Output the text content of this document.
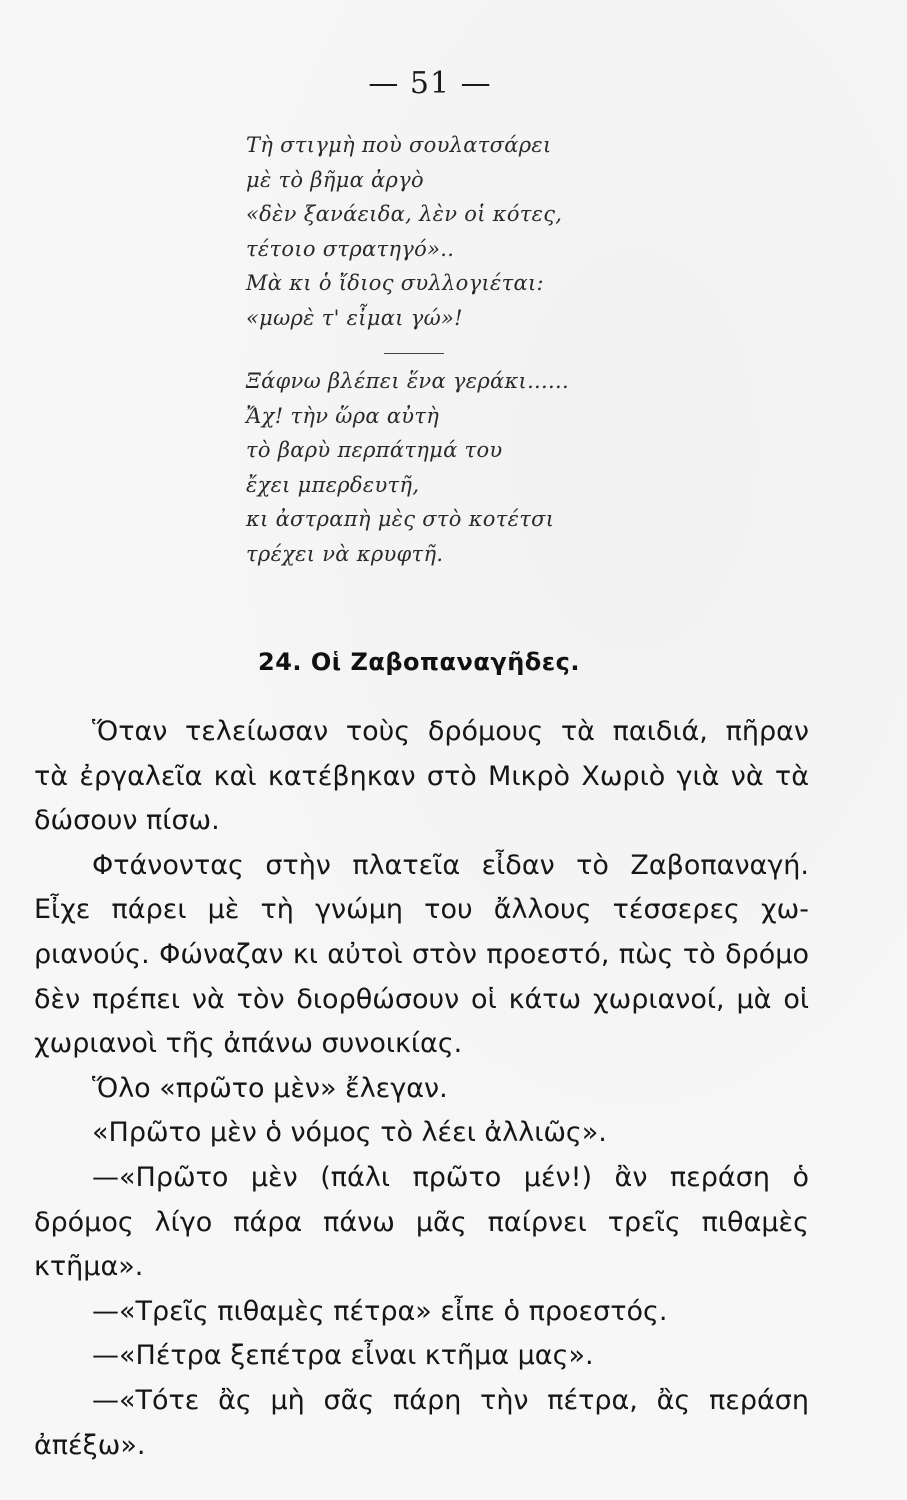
— 51 —
Τὴ στιγμὴ ποὺ σουλατσάρει
μὲ τὸ βῆμα ἀργὸ
«δὲν ξανάειδα, λὲν οἱ κότες,
τέτοιο στρατηγό»..
Μὰ κι ὁ ἴδιος συλλογιέται:
«μωρὲ τ' εἶμαι γώ»!
Ξάφνω βλέπει ἕνα γεράκι......
Ἄχ! τὴν ὥρα αὐτὴ
τὸ βαρὺ περπάτημά του
ἔχει μπερδευτῆ,
κι ἀστραπὴ μὲς στὸ κοτέτσι
τρέχει νὰ κρυφτῆ.
24. Οἱ Ζαβοπαναγῆδες.
Ὅταν τελείωσαν τοὺς δρόμους τὰ παιδιά, πῆραν
τὰ ἐργαλεῖα καὶ κατέβηκαν στὸ Μικρὸ Χωριὸ γιὰ νὰ τὰ
δώσουν πίσω.
Φτάνοντας στὴν πλατεῖα εἶδαν τὸ Ζαβοπαναγή.
Εἶχε πάρει μὲ τὴ γνώμη του ἄλλους τέσσερες χω-
ριανούς. Φώναζαν κι αὐτοὶ στὸν προεστό, πὼς τὸ δρόμο
δὲν πρέπει νὰ τὸν διορθώσουν οἱ κάτω χωριανοί, μὰ οἱ
χωριανοὶ τῆς ἀπάνω συνοικίας.
Ὅλο «πρῶτο μὲν» ἔλεγαν.
«Πρῶτο μὲν ὁ νόμος τὸ λέει ἀλλιῶς».
—«Πρῶτο μὲν (πάλι πρῶτο μέν!) ἂν περάση ὁ
δρόμος λίγο πάρα πάνω μᾶς παίρνει τρεῖς πιθαμὲς
κτῆμα».
—«Τρεῖς πιθαμὲς πέτρα» εἶπε ὁ προεστός.
—«Πέτρα ξεπέτρα εἶναι κτῆμα μας».
—«Τότε ἂς μὴ σᾶς πάρη τὴν πέτρα, ἂς περάση
ἀπέξω».
